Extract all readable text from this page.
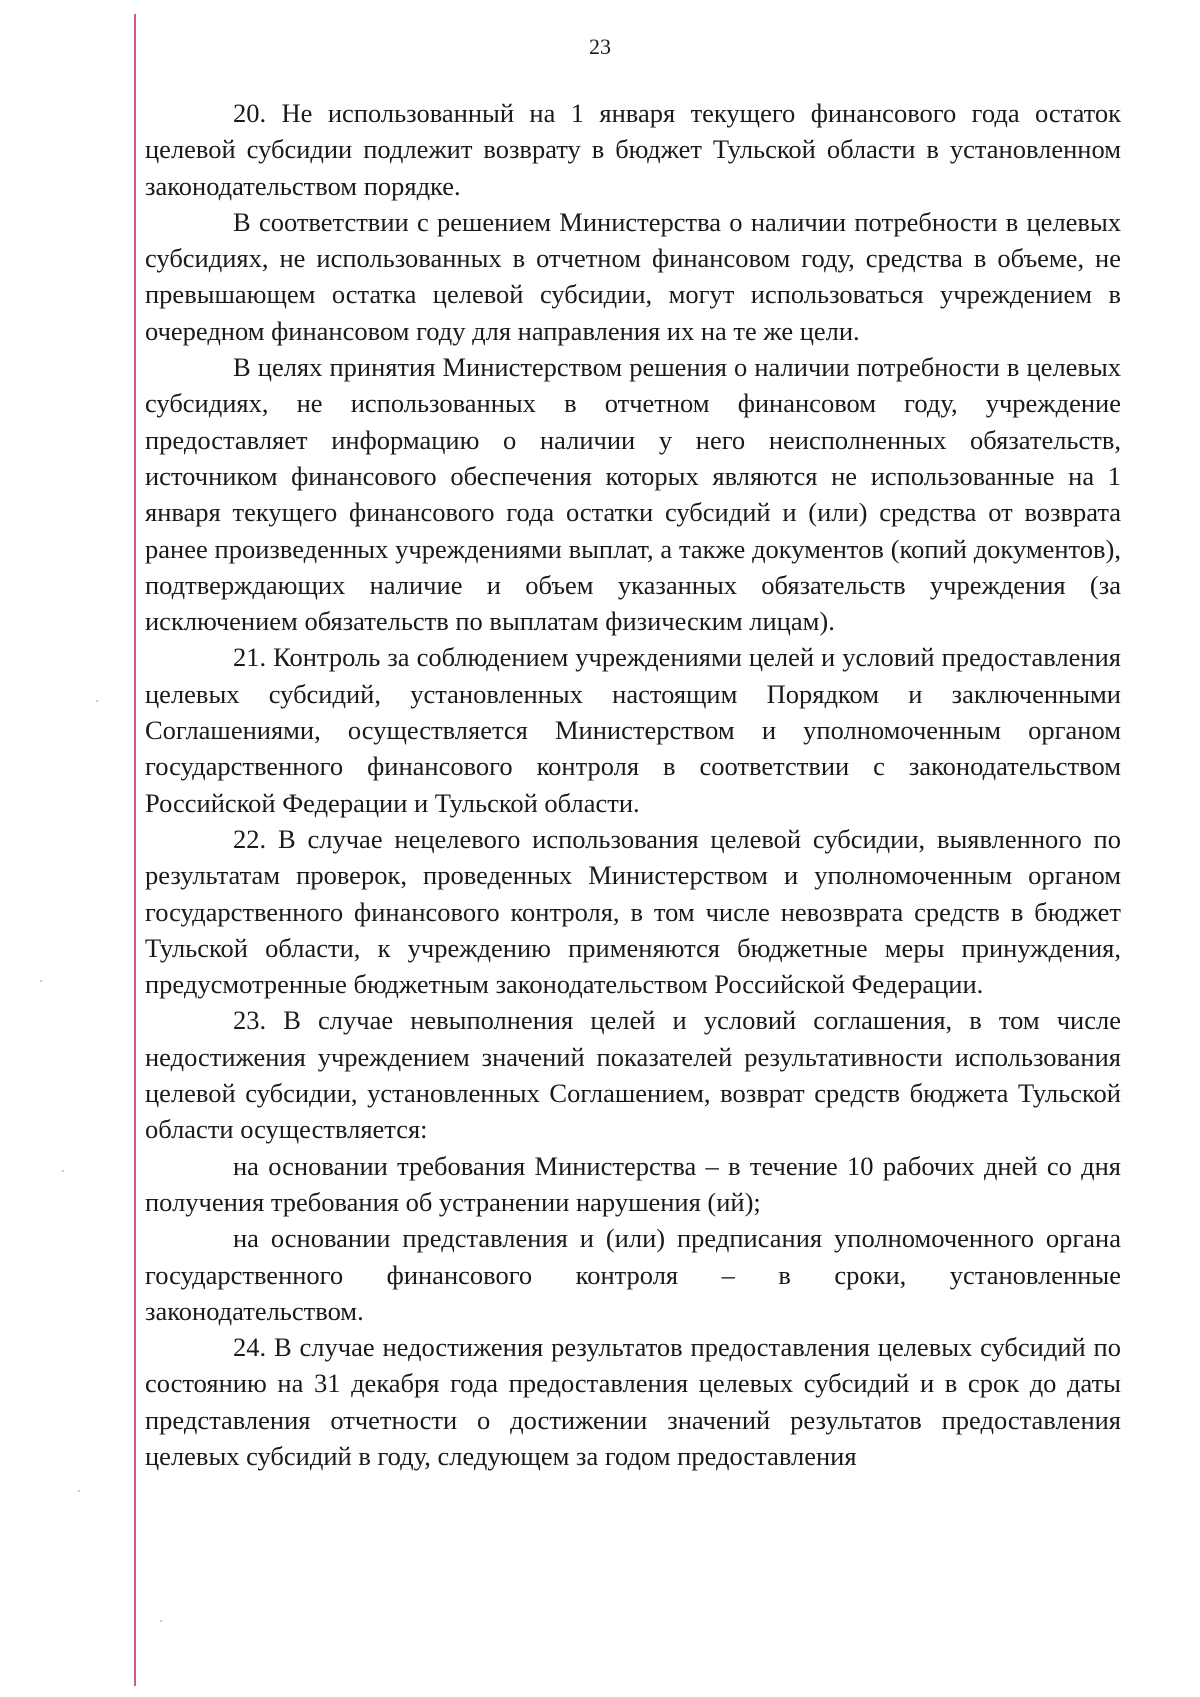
23

20. Не использованный на 1 января текущего финансового года остаток целевой субсидии подлежит возврату в бюджет Тульской области в установленном законодательством порядке.

В соответствии с решением Министерства о наличии потребности в целевых субсидиях, не использованных в отчетном финансовом году, средства в объеме, не превышающем остатка целевой субсидии, могут использоваться учреждением в очередном финансовом году для направления их на те же цели.

В целях принятия Министерством решения о наличии потребности в целевых субсидиях, не использованных в отчетном финансовом году, учреждение предоставляет информацию о наличии у него неисполненных обязательств, источником финансового обеспечения которых являются не использованные на 1 января текущего финансового года остатки субсидий и (или) средства от возврата ранее произведенных учреждениями выплат, а также документов (копий документов), подтверждающих наличие и объем указанных обязательств учреждения (за исключением обязательств по выплатам физическим лицам).

21. Контроль за соблюдением учреждениями целей и условий предоставления целевых субсидий, установленных настоящим Порядком и заключенными Соглашениями, осуществляется Министерством и уполномоченным органом государственного финансового контроля в соответствии с законодательством Российской Федерации и Тульской области.

22. В случае нецелевого использования целевой субсидии, выявленного по результатам проверок, проведенных Министерством и уполномоченным органом государственного финансового контроля, в том числе невозврата средств в бюджет Тульской области, к учреждению применяются бюджетные меры принуждения, предусмотренные бюджетным законодательством Российской Федерации.

23. В случае невыполнения целей и условий соглашения, в том числе недостижения учреждением значений показателей результативности использования целевой субсидии, установленных Соглашением, возврат средств бюджета Тульской области осуществляется:

на основании требования Министерства – в течение 10 рабочих дней со дня получения требования об устранении нарушения (ий);

на основании представления и (или) предписания уполномоченного органа государственного финансового контроля – в сроки, установленные законодательством.

24. В случае недостижения результатов предоставления целевых субсидий по состоянию на 31 декабря года предоставления целевых субсидий и в срок до даты представления отчетности о достижении значений результатов предоставления целевых субсидий в году, следующем за годом предоставления
